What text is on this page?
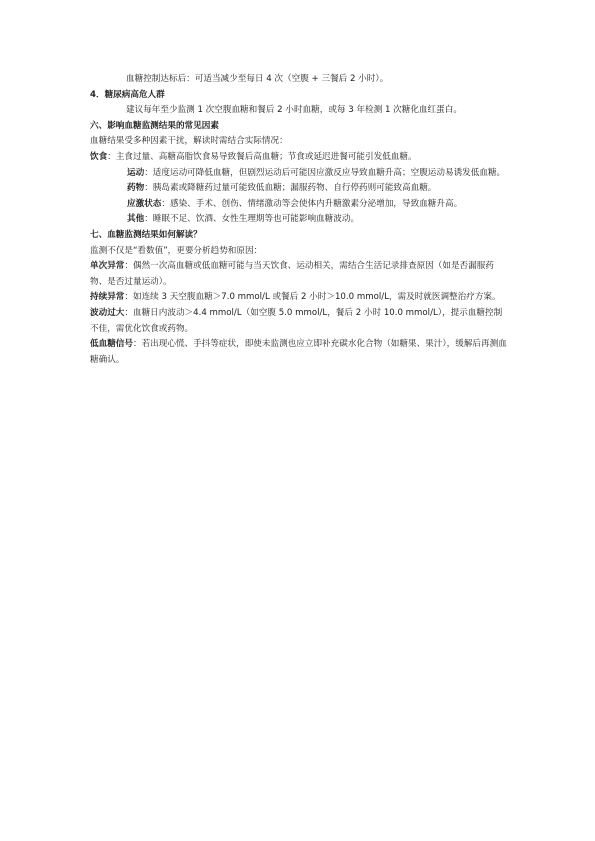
血糖控制达标后：可适当减少至每日 4 次（空腹 + 三餐后 2 小时）。

4．糖尿病高危人群

建议每年至少监测 1 次空腹血糖和餐后 2 小时血糖，或每 3 年检测 1 次糖化血红蛋白。

六、影响血糖监测结果的常见因素

血糖结果受多种因素干扰，解读时需结合实际情况：

饮食：主食过量、高糖高脂饮食易导致餐后高血糖；节食或延迟进餐可能引发低血糖。

运动：适度运动可降低血糖，但剧烈运动后可能因应激反应导致血糖升高；空腹运动易诱发低血糖。

药物：胰岛素或降糖药过量可能致低血糖；漏服药物、自行停药则可能致高血糖。

应激状态：感染、手术、创伤、情绪激动等会使体内升糖激素分泌增加，导致血糖升高。

其他：睡眠不足、饮酒、女性生理期等也可能影响血糖波动。

七、血糖监测结果如何解读？

监测不仅是“看数值”，更要分析趋势和原因：

单次异常：偶然一次高血糖或低血糖可能与当天饮食、运动相关，需结合生活记录排查原因（如是否漏服药物、是否过量运动）。

持续异常：如连续 3 天空腹血糖＞7.0 mmol/L 或餐后 2 小时＞10.0 mmol/L，需及时就医调整治疗方案。

波动过大：血糖日内波动＞4.4 mmol/L（如空腹 5.0 mmol/L，餐后 2 小时 10.0 mmol/L），提示血糖控制不佳，需优化饮食或药物。

低血糖信号：若出现心慌、手抖等症状，即使未监测也应立即补充碳水化合物（如糖果、果汁），缓解后再测血糖确认。
